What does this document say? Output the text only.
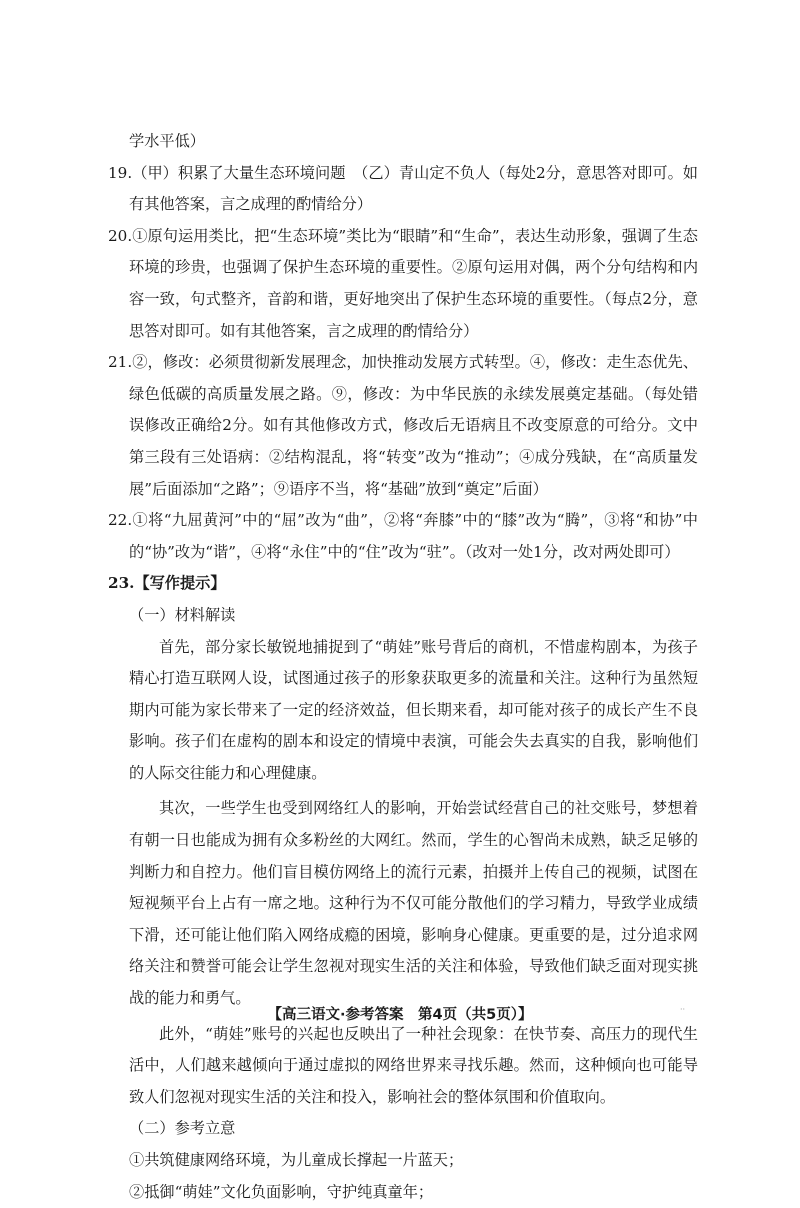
学水平低）

19.（甲）积累了大量生态环境问题　（乙）青山定不负人（每处2分，意思答对即可。如有其他答案，言之成理的酌情给分）

20.①原句运用类比，把“生态环境”类比为“眼睛”和“生命”，表达生动形象，强调了生态环境的珍贵，也强调了保护生态环境的重要性。②原句运用对偶，两个分句结构和内容一致，句式整齐，音韵和谐，更好地突出了保护生态环境的重要性。（每点2分，意思答对即可。如有其他答案，言之成理的酌情给分）

21.②，修改：必须贯彻新发展理念，加快推动发展方式转型。④，修改：走生态优先、绿色低碳的高质量发展之路。⑨，修改：为中华民族的永续发展奠定基础。（每处错误修改正确给2分。如有其他修改方式，修改后无语病且不改变原意的可给分。文中第三段有三处语病：②结构混乱，将“转变”改为“推动”；④成分残缺，在“高质量发展”后面添加“之路”；⑨语序不当，将“基础”放到“奠定”后面）

22.①将“九屈黄河”中的“屈”改为“曲”，②将“奔膝”中的“膝”改为“腾”，③将“和协”中的“协”改为“谐”，④将“永住”中的“住”改为“驻”。（改对一处1分，改对两处即可）

23.【写作提示】

（一）材料解读

首先，部分家长敏锐地捕捉到了“萌娃”账号背后的商机，不惜虚构剧本，为孩子精心打造互联网人设，试图通过孩子的形象获取更多的流量和关注。这种行为虽然短期内可能为家长带来了一定的经济效益，但长期来看，却可能对孩子的成长产生不良影响。孩子们在虚构的剧本和设定的情境中表演，可能会失去真实的自我，影响他们的人际交往能力和心理健康。

其次，一些学生也受到网络红人的影响，开始尝试经营自己的社交账号，梦想着有朝一日也能成为拥有众多粉丝的大网红。然而，学生的心智尚未成熟，缺乏足够的判断力和自控力。他们盲目模仿网络上的流行元素，拍摄并上传自己的视频，试图在短视频平台上占有一席之地。这种行为不仅可能分散他们的学习精力，导致学业成绩下滑，还可能让他们陷入网络成瘾的困境，影响身心健康。更重要的是，过分追求网络关注和赞誉可能会让学生忽视对现实生活的关注和体验，导致他们缺乏面对现实挑战的能力和勇气。

此外，“萌娃”账号的兴起也反映出了一种社会现象：在快节奏、高压力的现代生活中，人们越来越倾向于通过虚拟的网络世界来寻找乐趣。然而，这种倾向也可能导致人们忽视对现实生活的关注和投入，影响社会的整体氛围和价值取向。

（二）参考立意

①共筑健康网络环境，为儿童成长撑起一片蓝天；

②抵御“萌娃”文化负面影响，守护纯真童年；

【高三语文·参考答案　第4页（共5页）】	··
